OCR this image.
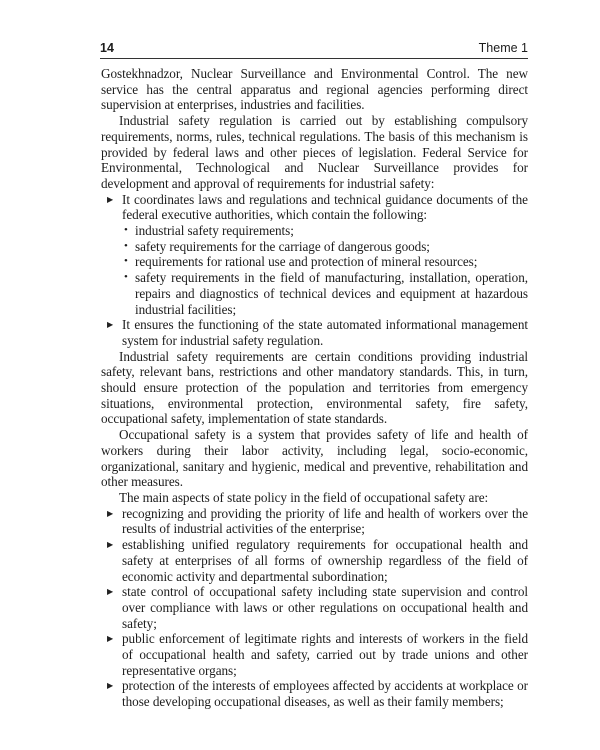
14	Theme 1

Gostekhnadzor, Nuclear Surveillance and Environmental Control. The new service has the central apparatus and regional agencies performing direct supervision at enterprises, industries and facilities.

Industrial safety regulation is carried out by establishing compulsory requirements, norms, rules, technical regulations. The basis of this mechanism is provided by federal laws and other pieces of legislation. Federal Service for Environmental, Technological and Nuclear Surveillance provides for development and approval of requirements for industrial safety:

▶ It coordinates laws and regulations and technical guidance documents of the federal executive authorities, which contain the following:
• industrial safety requirements;
• safety requirements for the carriage of dangerous goods;
• requirements for rational use and protection of mineral resources;
• safety requirements in the field of manufacturing, installation, operation, repairs and diagnostics of technical devices and equipment at hazardous industrial facilities;
▶ It ensures the functioning of the state automated informational management system for industrial safety regulation.

Industrial safety requirements are certain conditions providing industrial safety, relevant bans, restrictions and other mandatory standards. This, in turn, should ensure protection of the population and territories from emergency situations, environmental protection, environmental safety, fire safety, occupational safety, implementation of state standards.

Occupational safety is a system that provides safety of life and health of workers during their labor activity, including legal, socio-economic, organizational, sanitary and hygienic, medical and preventive, rehabilitation and other measures.

The main aspects of state policy in the field of occupational safety are:

▶ recognizing and providing the priority of life and health of workers over the results of industrial activities of the enterprise;
▶ establishing unified regulatory requirements for occupational health and safety at enterprises of all forms of ownership regardless of the field of economic activity and departmental subordination;
▶ state control of occupational safety including state supervision and control over compliance with laws or other regulations on occupational health and safety;
▶ public enforcement of legitimate rights and interests of workers in the field of occupational health and safety, carried out by trade unions and other representative organs;
▶ protection of the interests of employees affected by accidents at workplace or those developing occupational diseases, as well as their family members;
